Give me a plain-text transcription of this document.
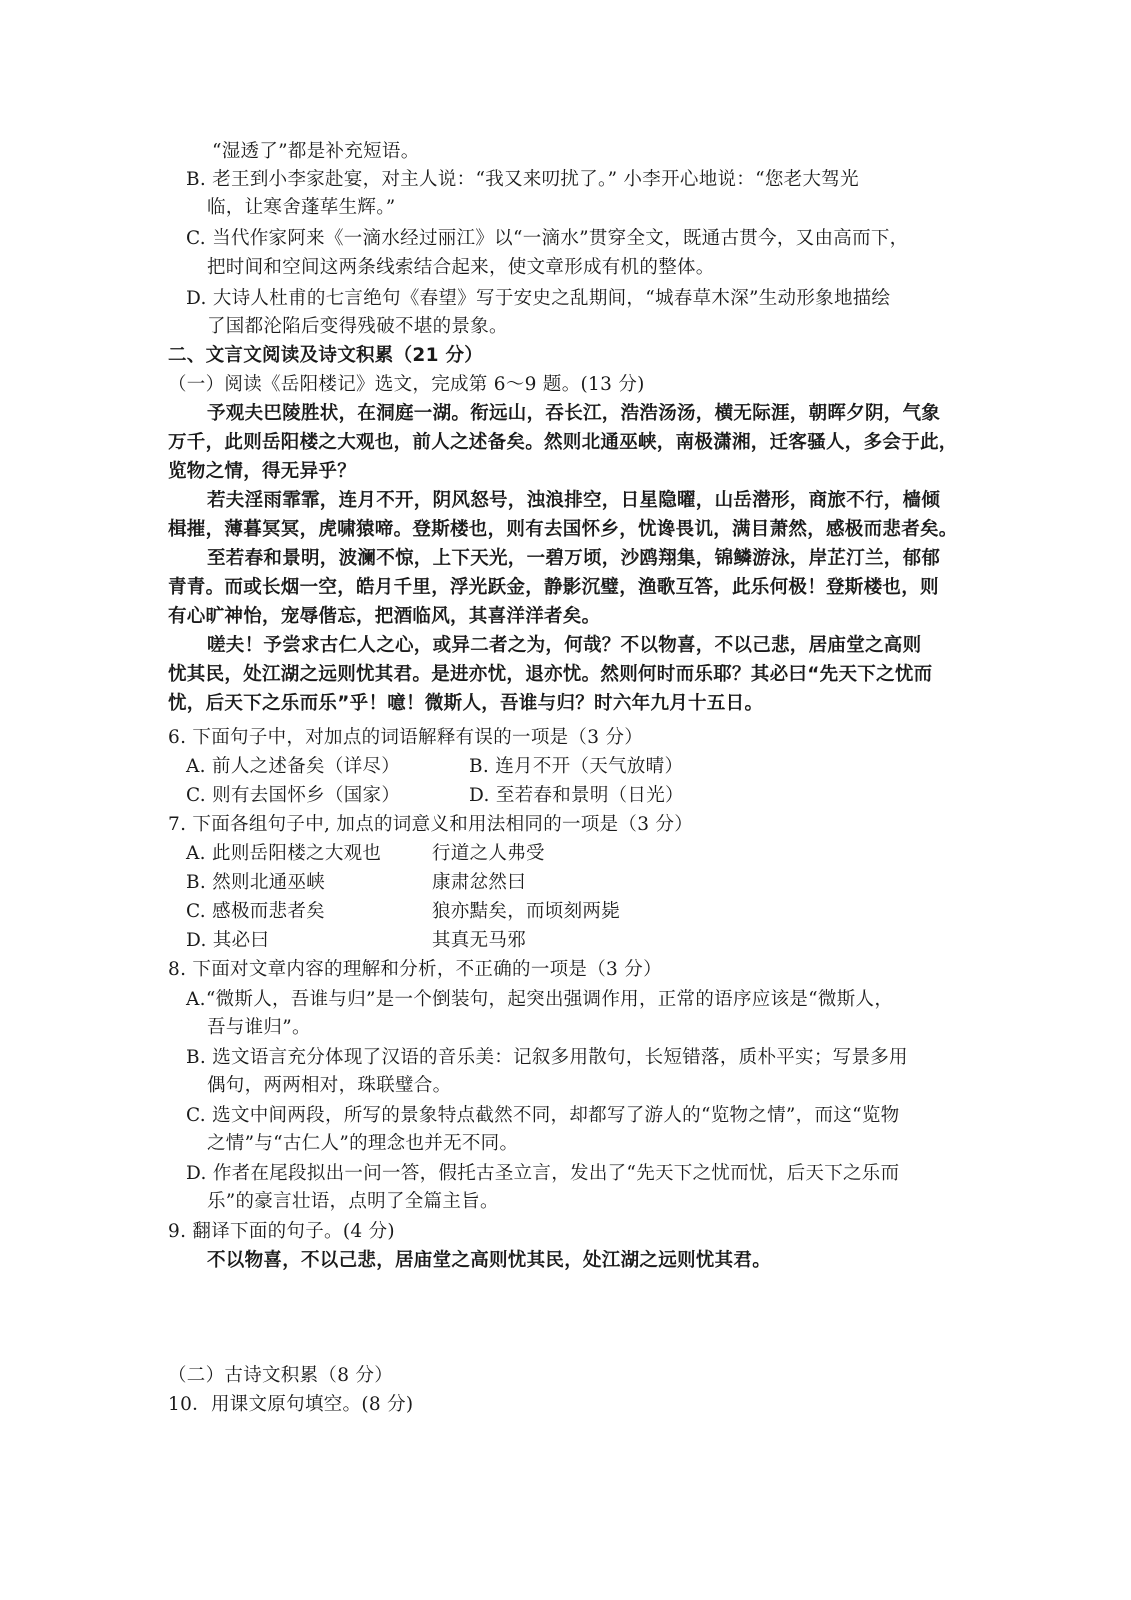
“湿透了”都是补充短语。
B. 老王到小李家赴宴，对主人说：“我又来叨扰了。” 小李开心地说：“您老大驾光
临，让寒舍蓬荜生辉。”
C. 当代作家阿来《一滴水经过丽江》以“一滴水”贯穿全文，既通古贯今，又由高而下，
把时间和空间这两条线索结合起来，使文章形成有机的整体。
D. 大诗人杜甫的七言绝句《春望》写于安史之乱期间，“城春草木深”生动形象地描绘
了国都沦陷后变得残破不堪的景象。
二、文言文阅读及诗文积累（21 分）
（一）阅读《岳阳楼记》选文，完成第 6～9 题。(13 分)
予观夫巴陵胜状，在洞庭一湖。衔远山，吞长江，浩浩汤汤，横无际涯，朝晖夕阴，气象
万千，此则岳阳楼之大观也，前人之述备矣。然则北通巫峡，南极潇湘，迁客骚人，多会于此，
览物之情，得无异乎？
若夫淫雨霏霏，连月不开，阴风怒号，浊浪排空，日星隐曜，山岳潜形，商旅不行，樯倾
楫摧，薄暮冥冥，虎啸猿啼。登斯楼也，则有去国怀乡，忧谗畏讥，满目萧然，感极而悲者矣。
至若春和景明，波澜不惊，上下天光，一碧万顷，沙鸥翔集，锦鳞游泳，岸芷汀兰，郁郁
青青。而或长烟一空，皓月千里，浮光跃金，静影沉璧，渔歌互答，此乐何极！登斯楼也，则
有心旷神怡，宠辱偕忘，把酒临风，其喜洋洋者矣。
嗟夫！予尝求古仁人之心，或异二者之为，何哉？不以物喜，不以己悲，居庙堂之高则
忧其民，处江湖之远则忧其君。是进亦忧，退亦忧。然则何时而乐耶？其必曰“先天下之忧而
忧，后天下之乐而乐”乎！噫！微斯人，吾谁与归？时六年九月十五日。
6. 下面句子中，对加点的词语解释有误的一项是（3 分）
A. 前人之述备矣（详尽）	B. 连月不开（天气放晴）
C. 则有去国怀乡（国家）	D. 至若春和景明（日光）
7. 下面各组句子中, 加点的词意义和用法相同的一项是（3 分）
A. 此则岳阳楼之大观也	行道之人弗受
B. 然则北通巫峡	康肃忿然曰
C. 感极而悲者矣	狼亦黠矣，而顷刻两毙
D. 其必曰	其真无马邪
8. 下面对文章内容的理解和分析，不正确的一项是（3 分）
A.“微斯人，吾谁与归”是一个倒装句，起突出强调作用，正常的语序应该是“微斯人，
吾与谁归”。
B. 选文语言充分体现了汉语的音乐美：记叙多用散句，长短错落，质朴平实；写景多用
偶句，两两相对，珠联璧合。
C. 选文中间两段，所写的景象特点截然不同，却都写了游人的“览物之情”，而这“览物
之情”与“古仁人”的理念也并无不同。
D. 作者在尾段拟出一问一答，假托古圣立言，发出了“先天下之忧而忧，后天下之乐而
乐”的豪言壮语，点明了全篇主旨。
9. 翻译下面的句子。(4 分)
不以物喜，不以己悲，居庙堂之高则忧其民，处江湖之远则忧其君。
（二）古诗文积累（8 分）
10．用课文原句填空。(8 分)
